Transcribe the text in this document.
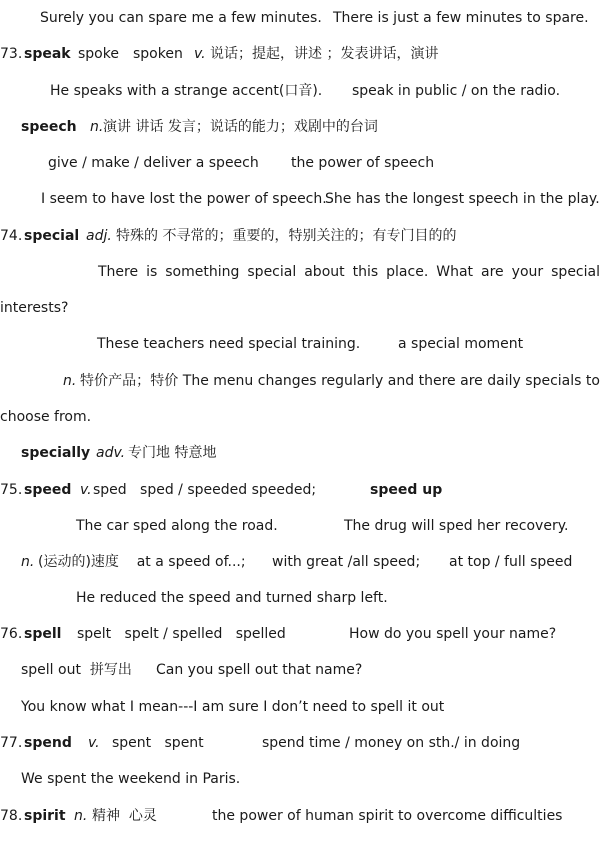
Surely you can spare me a few minutes. There is just a few minutes to spare.
73.
speak spoke spoken v. 说话；提起，讲述 ；发表讲话，演讲
He speaks with a strange accent(口音). speak in public / on the radio.
speech n. 演讲 讲话 发言；说话的能力；戏剧中的台词
give / make / deliver a speech the power of speech
I seem to have lost the power of speech.
She has the longest speech in the play.
74.
special adj. 特殊的 不寻常的；重要的，特别关注的；有专门目的的
There is something special about this place. What are your special
interests?
These teachers need special training.	a special moment
n. 特价产品；特价 The menu changes regularly and there are daily specials to
choose from.
specially adv. 专门地 特意地
75.
speed v. sped   sped / speeded speeded;	speed up
The car sped along the road.	The drug will sped her recovery.
n. (运动的)速度    at a speed of...; with great /all speed; at top / full speed
He reduced the speed and turned sharp left.
76.
spell spelt   spelt / spelled   spelled	How do you spell your name?
spell out  拼写出 Can you spell out that name?
You know what I mean---I am sure I don’t need to spell it out
77.
spend v. spent   spent	spend time / money on sth./ in doing
We spent the weekend in Paris.
78.
spirit n. 精神  心灵	the power of human spirit to overcome difficulties
